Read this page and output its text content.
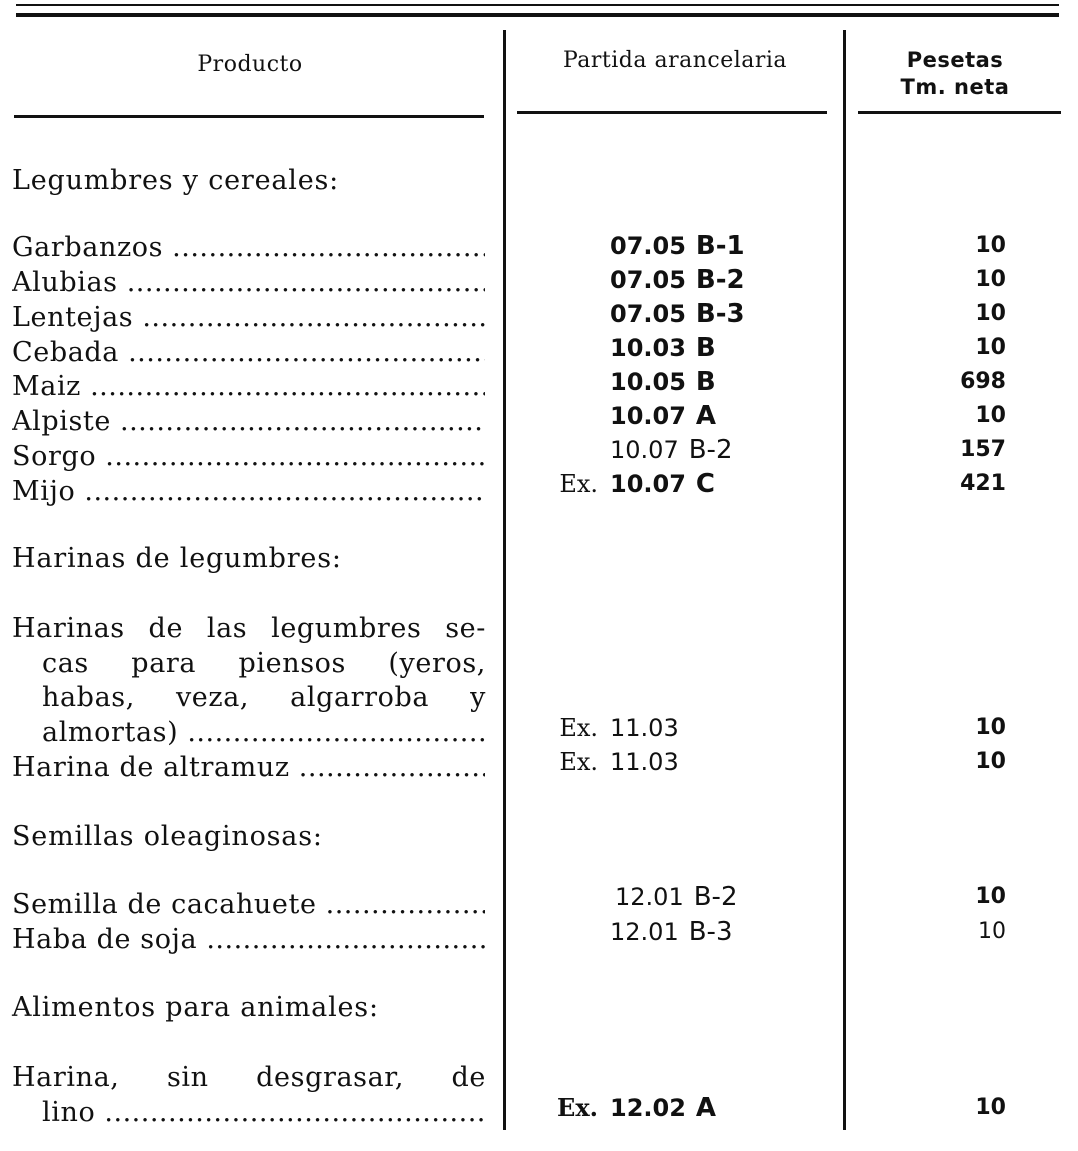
Producto	Partida arancelaria	Pesetas
Tm. neta
Legumbres y cereales:
Garbanzos .....	07.05 B-1	10
Alubias .....	07.05 B-2	10
Lentejas .....	07.05 B-3	10
Cebada .....	10.03 B	10
Maiz .....	10.05 B	698
Alpiste .....	10.07 A	10
Sorgo .....	10.07 B-2	157
Mijo .....	Ex. 10.07 C	421
Harinas de legumbres:
Harinas de las legumbres se-
cas para piensos (yeros,
habas, veza, algarroba y
almortas) .....	Ex. 11.03	10
Harina de altramuz .....	Ex. 11.03	10
Semillas oleaginosas:
Semilla de cacahuete .....	12.01 B-2	10
Haba de soja .....	12.01 B-3	10
Alimentos para animales:
Harina, sin desgrasar, de
lino .....	Ex. 12.02 A	10
